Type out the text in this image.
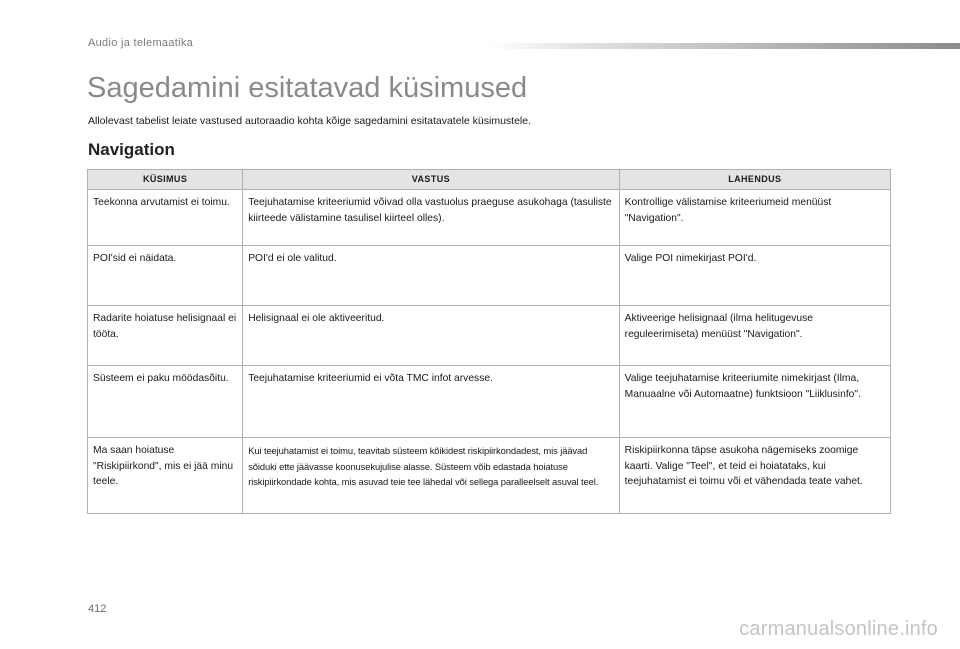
Audio ja telemaatika
Sagedamini esitatavad küsimused
Allolevast tabelist leiate vastused autoraadio kohta kõige sagedamini esitatavatele küsimustele.
Navigation
KÜSIMUS	VASTUS	LAHENDUS
Teekonna arvutamist ei toimu.	Teejuhatamise kriteeriumid võivad olla vastuolus praeguse asukohaga (tasuliste kiirteede välistamine tasulisel kiirteel olles).	Kontrollige välistamise kriteeriumeid menüüst "Navigation".
POI'sid ei näidata.	POI'd ei ole valitud.	Valige POI nimekirjast POI'd.
Radarite hoiatuse helisignaal ei tööta.	Helisignaal ei ole aktiveeritud.	Aktiveerige helisignaal (ilma helitugevuse reguleerimiseta) menüüst "Navigation".
Süsteem ei paku möödasõitu.	Teejuhatamise kriteeriumid ei võta TMC infot arvesse.	Valige teejuhatamise kriteeriumite nimekirjast (Ilma, Manuaalne või Automaatne) funktsioon "Liiklusinfo".
Ma saan hoiatuse "Riskipiirkond", mis ei jää minu teele.	Kui teejuhatamist ei toimu, teavitab süsteem kõikidest riskipiirkondadest, mis jäävad sõiduki ette jäävasse koonusekujulise alasse. Süsteem võib edastada hoiatuse riskipiirkondade kohta, mis asuvad teie tee lähedal või sellega paralleelselt asuval teel.	Riskipiirkonna täpse asukoha nägemiseks zoomige kaarti. Valige "Teel", et teid ei hoiatataks, kui teejuhatamist ei toimu või et vähendada teate vahet.
412
carmanualsonline.info
